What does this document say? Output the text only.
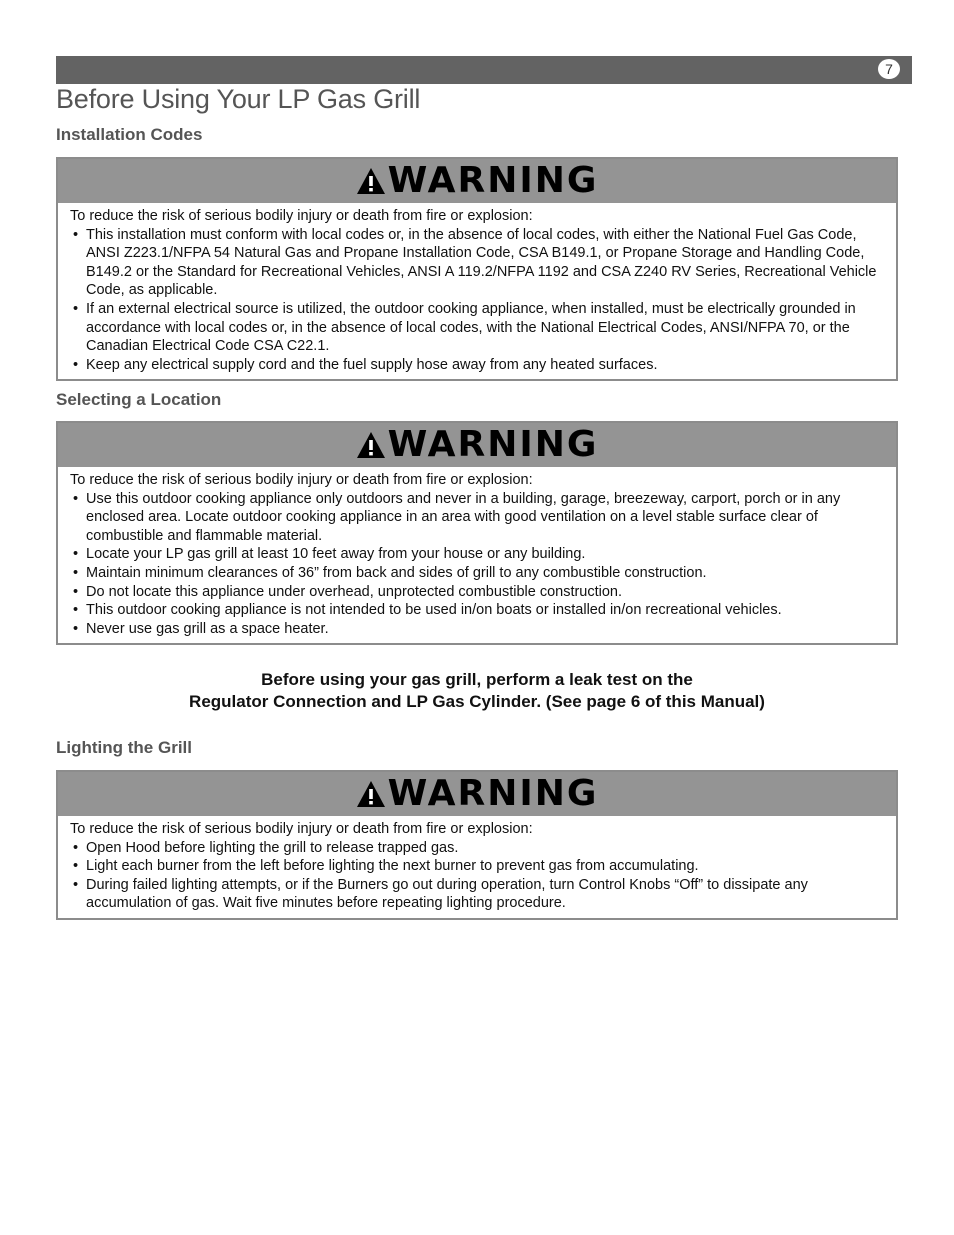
7
Before Using Your LP Gas Grill
Installation Codes
WARNING

To reduce the risk of serious bodily injury or death from fire or explosion:

• This installation must conform with local codes or, in the absence of local codes, with either the National Fuel Gas Code, ANSI Z223.1/NFPA 54 Natural Gas and Propane Installation Code, CSA B149.1, or Propane Storage and Handling Code, B149.2 or the Standard for Recreational Vehicles, ANSI A 119.2/NFPA 1192 and CSA Z240 RV Series, Recreational Vehicle Code, as applicable.
• If an external electrical source is utilized, the outdoor cooking appliance, when installed, must be electrically grounded in accordance with local codes or, in the absence of local codes, with the National Electrical Codes, ANSI/NFPA 70, or the Canadian Electrical Code CSA C22.1.
• Keep any electrical supply cord and the fuel supply hose away from any heated surfaces.
Selecting a Location
WARNING

To reduce the risk of serious bodily injury or death from fire or explosion:

• Use this outdoor cooking appliance only outdoors and never in a building, garage, breezeway, carport, porch or in any enclosed area. Locate outdoor cooking appliance in an area with good ventilation on a level stable surface clear of combustible and flammable material.
• Locate your LP gas grill at least 10 feet away from your house or any building.
• Maintain minimum clearances of 36” from back and sides of grill to any combustible construction.
• Do not locate this appliance under overhead, unprotected combustible construction.
• This outdoor cooking appliance is not intended to be used in/on boats or installed in/on recreational vehicles.
• Never use gas grill as a space heater.

Before using your gas grill, perform a leak test on the
Regulator Connection and LP Gas Cylinder. (See page 6 of this Manual)

Lighting the Grill
WARNING

To reduce the risk of serious bodily injury or death from fire or explosion:

• Open Hood before lighting the grill to release trapped gas.
• Light each burner from the left before lighting the next burner to prevent gas from accumulating.
• During failed lighting attempts, or if the Burners go out during operation, turn Control Knobs “Off” to dissipate any accumulation of gas. Wait five minutes before repeating lighting procedure.
